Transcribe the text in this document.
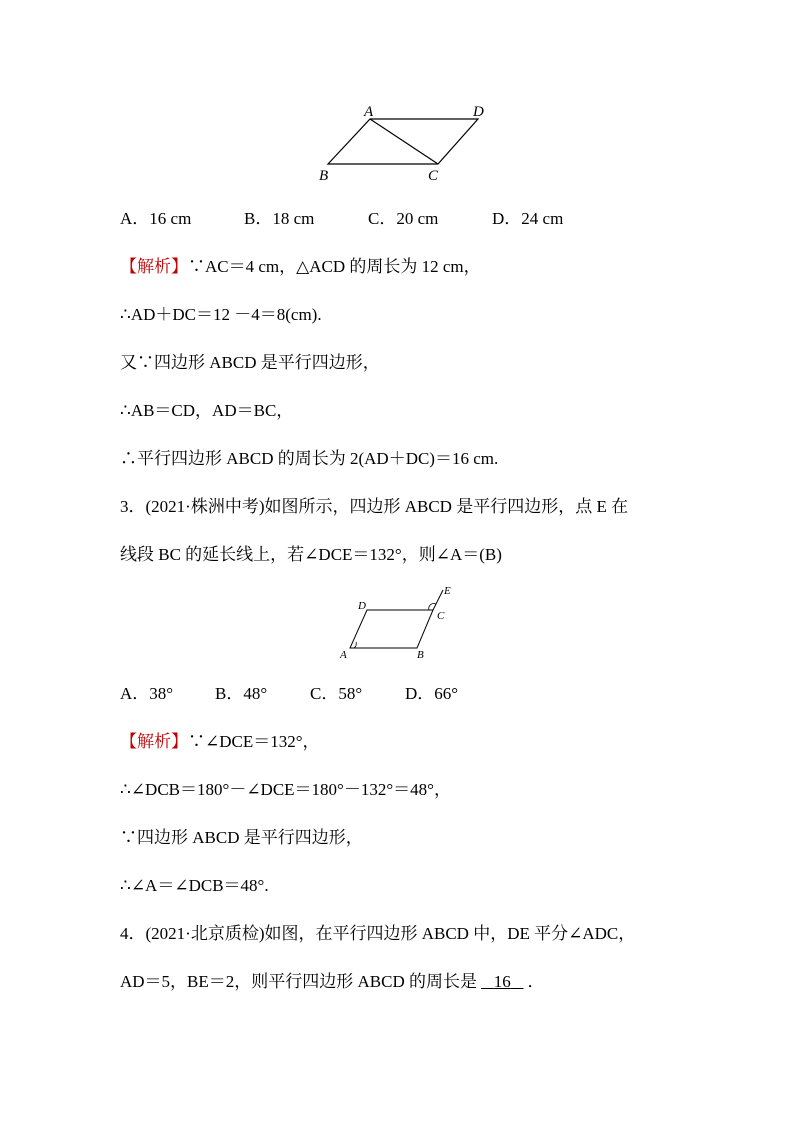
A	D
B	C
A．16 cm	B．18 cm	C．20 cm	D．24 cm
【解析】∵AC＝4 cm，△ACD 的周长为 12 cm，
∴AD＋DC＝12 －4＝8(cm).
又∵四边形 ABCD 是平行四边形，
∴AB＝CD，AD＝BC，
∴平行四边形 ABCD 的周长为 2(AD＋DC)＝16 cm.
3．(2021·株洲中考)如图所示，四边形 ABCD 是平行四边形，点 E 在
线段 BC 的延长线上，若∠DCE＝132°，则∠A＝(B)
D
C
E
A	B
A．38° B．48°	C．58°	D．66°
【解析】∵∠DCE＝132°，
∴∠DCB＝180°－∠DCE＝180°－132°＝48°，
∵四边形 ABCD 是平行四边形，
∴∠A＝∠DCB＝48°.
4．(2021·北京质检)如图，在平行四边形 ABCD 中，DE 平分∠ADC，
AD＝5，BE＝2，则平行四边形 ABCD 的周长是 16 ．
